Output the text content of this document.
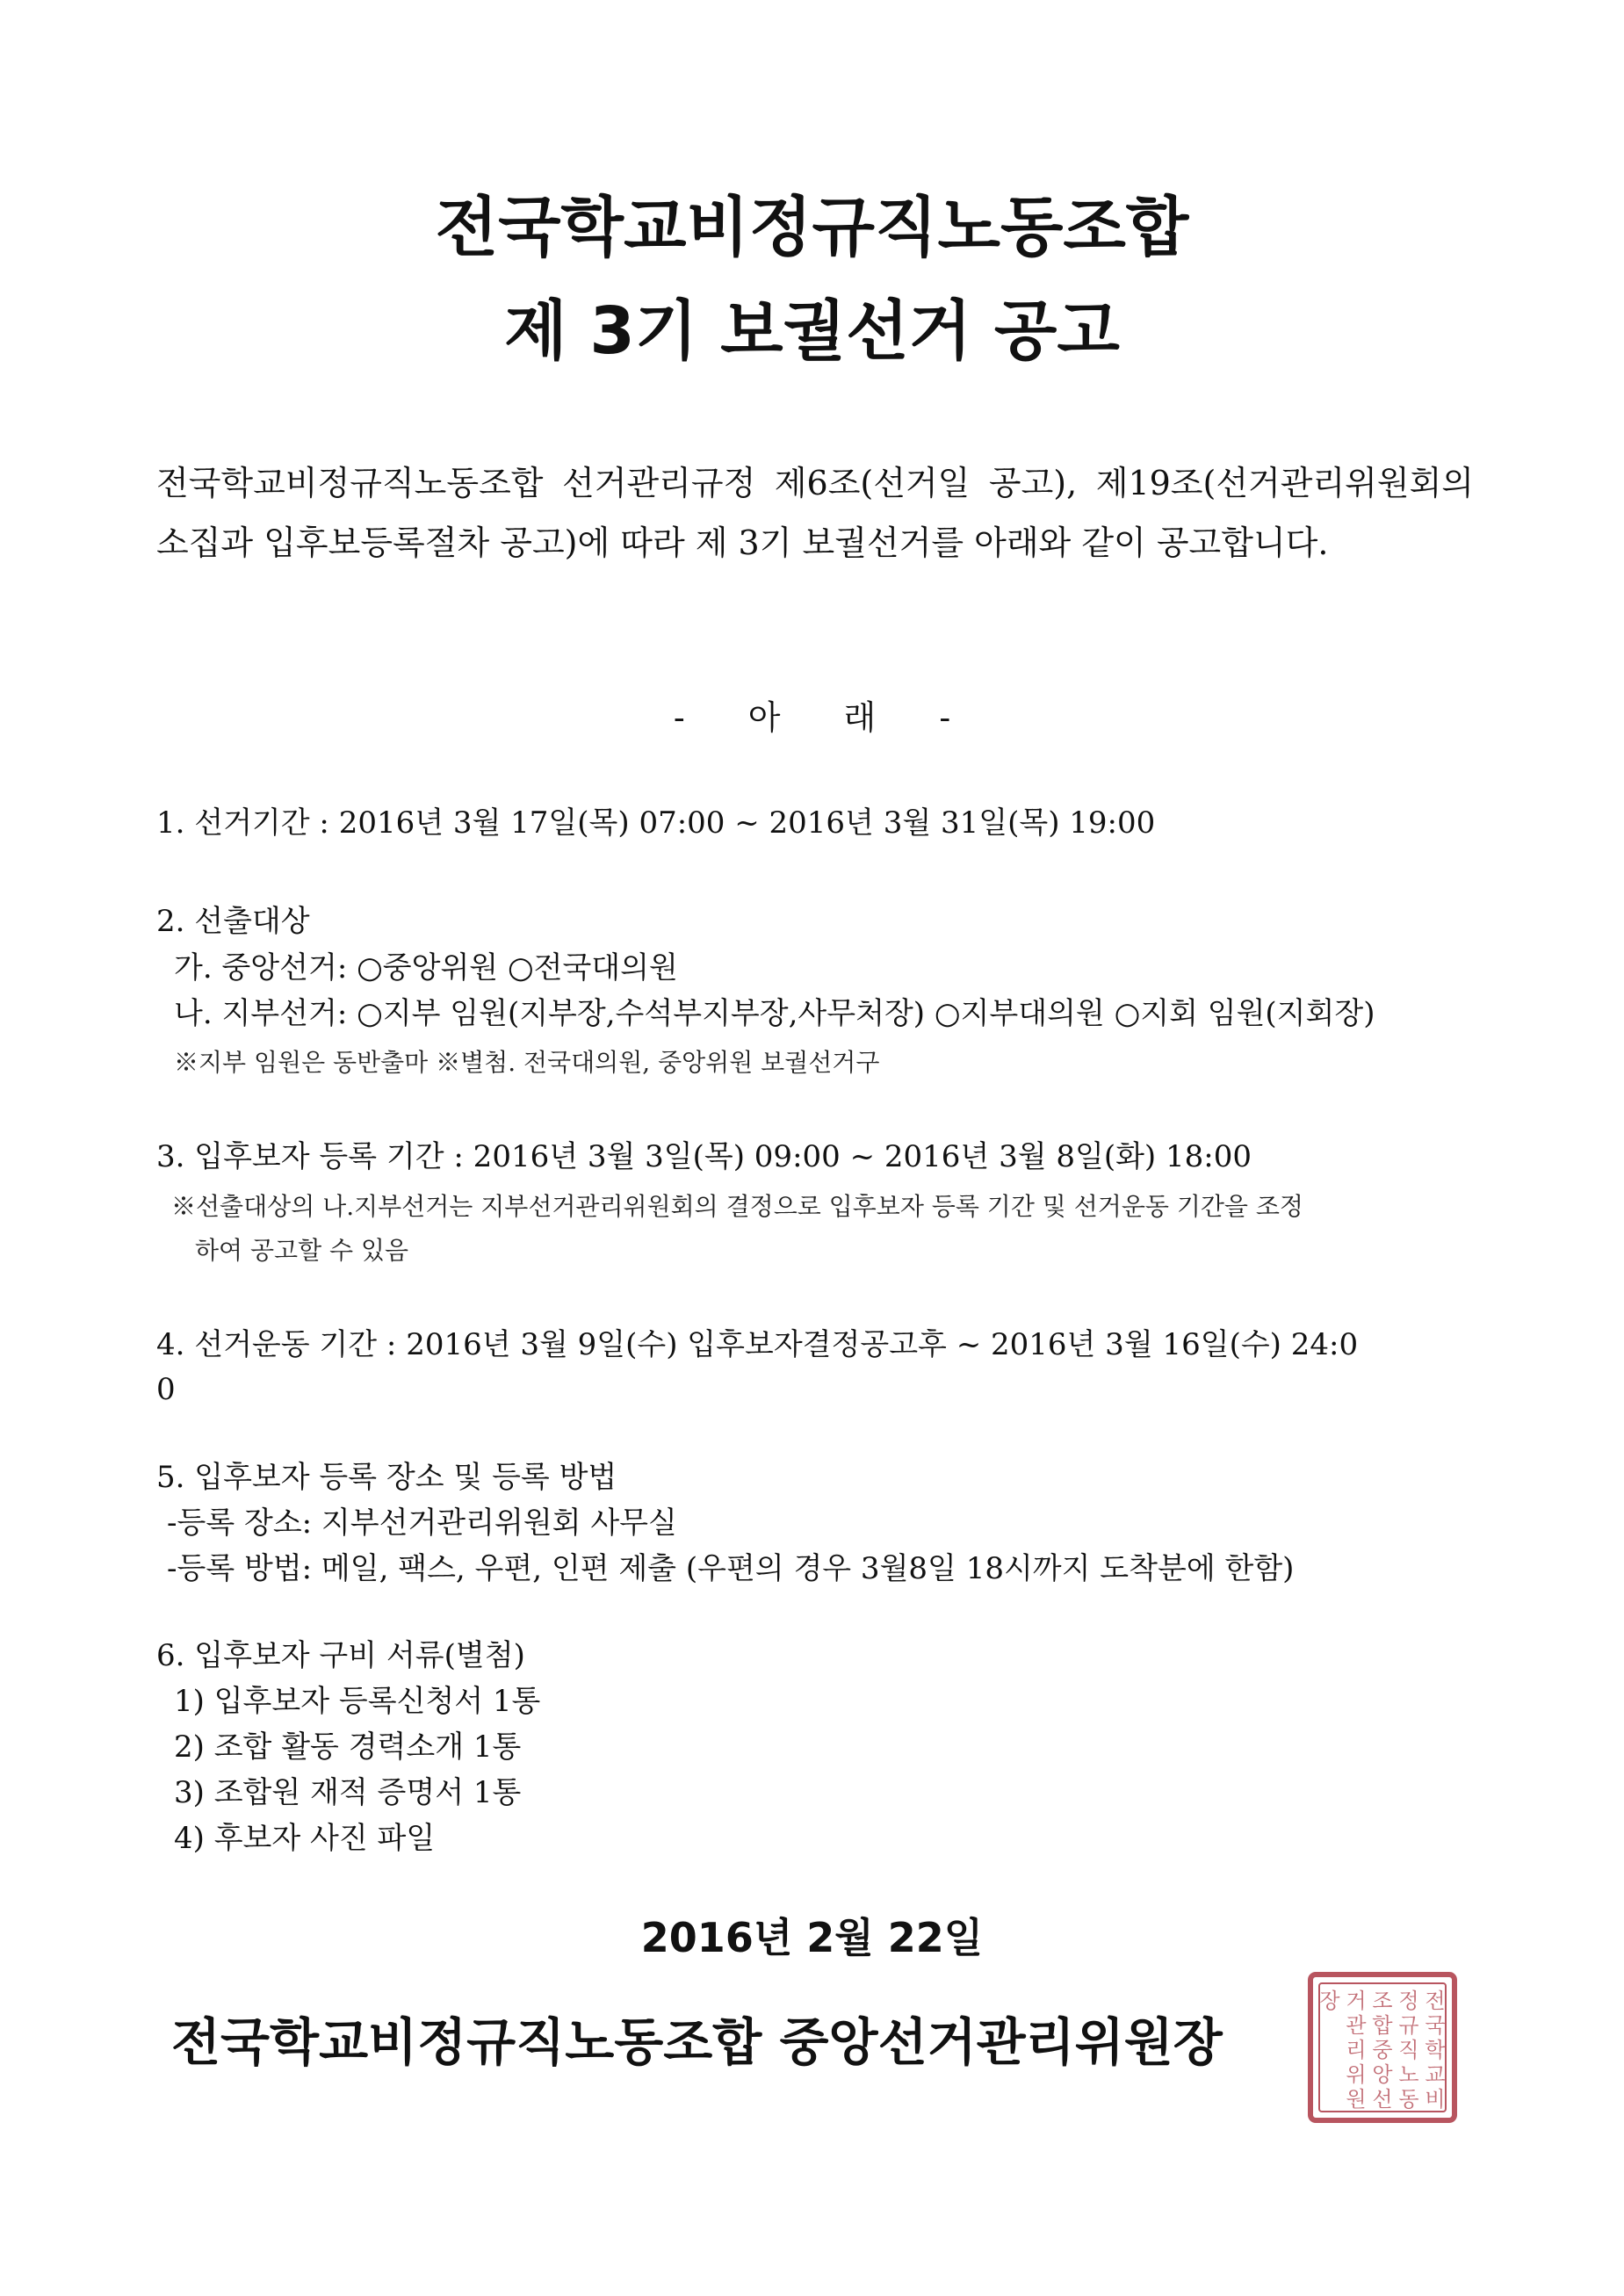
전국학교비정규직노동조합
제 3기 보궐선거 공고
전국학교비정규직노동조합 선거관리규정 제6조(선거일 공고), 제19조(선거관리위원회의 소집과 입후보등록절차 공고)에 따라 제 3기 보궐선거를 아래와 같이 공고합니다.
- 아 래 -
1. 선거기간 : 2016년 3월 17일(목) 07:00 ~ 2016년 3월 31일(목) 19:00
2. 선출대상
가. 중앙선거: ○중앙위원 ○전국대의원
나. 지부선거: ○지부 임원(지부장,수석부지부장,사무처장) ○지부대의원 ○지회 임원(지회장)
※지부 임원은 동반출마 ※별첨. 전국대의원, 중앙위원 보궐선거구
3. 입후보자 등록 기간 : 2016년 3월 3일(목) 09:00 ~ 2016년 3월 8일(화) 18:00
※선출대상의 나.지부선거는 지부선거관리위원회의 결정으로 입후보자 등록 기간 및 선거운동 기간을 조정
하여 공고할 수 있음
4. 선거운동 기간 : 2016년 3월 9일(수) 입후보자결정공고후 ~ 2016년 3월 16일(수) 24:0
0
5. 입후보자 등록 장소 및 등록 방법
-등록 장소: 지부선거관리위원회 사무실
-등록 방법: 메일, 팩스, 우편, 인편 제출 (우편의 경우 3월8일 18시까지 도착분에 한함)
6. 입후보자 구비 서류(별첨)
1) 입후보자 등록신청서 1통
2) 조합 활동 경력소개 1통
3) 조합원 재적 증명서 1통
4) 후보자 사진 파일
2016년 2월 22일
전국학교비정규직노동조합 중앙선거관리위원장
전
국
학
교
비
정
규
직
노
동
조
합
중
앙
선
거
관
리
위
원
장
